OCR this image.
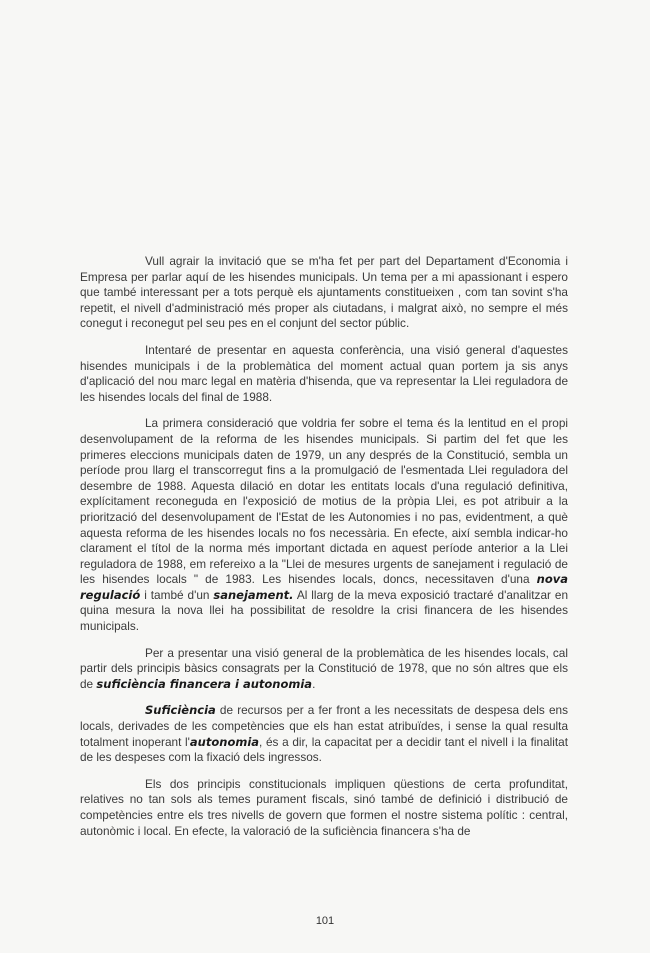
Vull agrair la invitació que se m'ha fet per part del Departament d'Economia i Empresa per parlar aquí de les hisendes municipals. Un tema per a mi apassionant i espero que també interessant per a tots perquè els ajuntaments constitueixen , com tan sovint s'ha repetit, el nivell d'administració més proper als ciutadans, i malgrat això, no sempre el més conegut i reconegut pel seu pes en el conjunt del sector públic.

Intentaré de presentar en aquesta conferència, una visió general d'aquestes hisendes municipals i de la problemàtica del moment actual quan portem ja sis anys d'aplicació del nou marc legal en matèria d'hisenda, que va representar la Llei reguladora de les hisendes locals del final de 1988.

La primera consideració que voldria fer sobre el tema és la lentitud en el propi desenvolupament de la reforma de les hisendes municipals. Si partim del fet que les primeres eleccions municipals daten de 1979, un any després de la Constitució, sembla un període prou llarg el transcorregut fins a la promulgació de l'esmentada Llei reguladora del desembre de 1988. Aquesta dilació en dotar les entitats locals d'una regulació definitiva, explícitament reconeguda en l'exposició de motius de la pròpia Llei, es pot atribuir a la priorització del desenvolupament de l'Estat de les Autonomies i no pas, evidentment, a què aquesta reforma de les hisendes locals no fos necessària. En efecte, així sembla indicar-ho clarament el títol de la norma més important dictada en aquest període anterior a la Llei reguladora de 1988, em refereixo a la "Llei de mesures urgents de sanejament i regulació de les hisendes locals " de 1983. Les hisendes locals, doncs, necessitaven d'una nova regulació i també d'un sanejament. Al llarg de la meva exposició tractaré d'analitzar en quina mesura la nova llei ha possibilitat de resoldre la crisi financera de les hisendes municipals.

Per a presentar una visió general de la problemàtica de les hisendes locals, cal partir dels principis bàsics consagrats per la Constitució de 1978, que no són altres que els de suficiència financera i autonomia.

Suficiència de recursos per a fer front a les necessitats de despesa dels ens locals, derivades de les competències que els han estat atribuïdes, i sense la qual resulta totalment inoperant l'autonomia, és a dir, la capacitat per a decidir tant el nivell i la finalitat de les despeses com la fixació dels ingressos.

Els dos principis constitucionals impliquen qüestions de certa profunditat, relatives no tan sols als temes purament fiscals, sinó també de definició i distribució de competències entre els tres nivells de govern que formen el nostre sistema polític : central, autonòmic i local. En efecte, la valoració de la suficiència financera s'ha de

101
